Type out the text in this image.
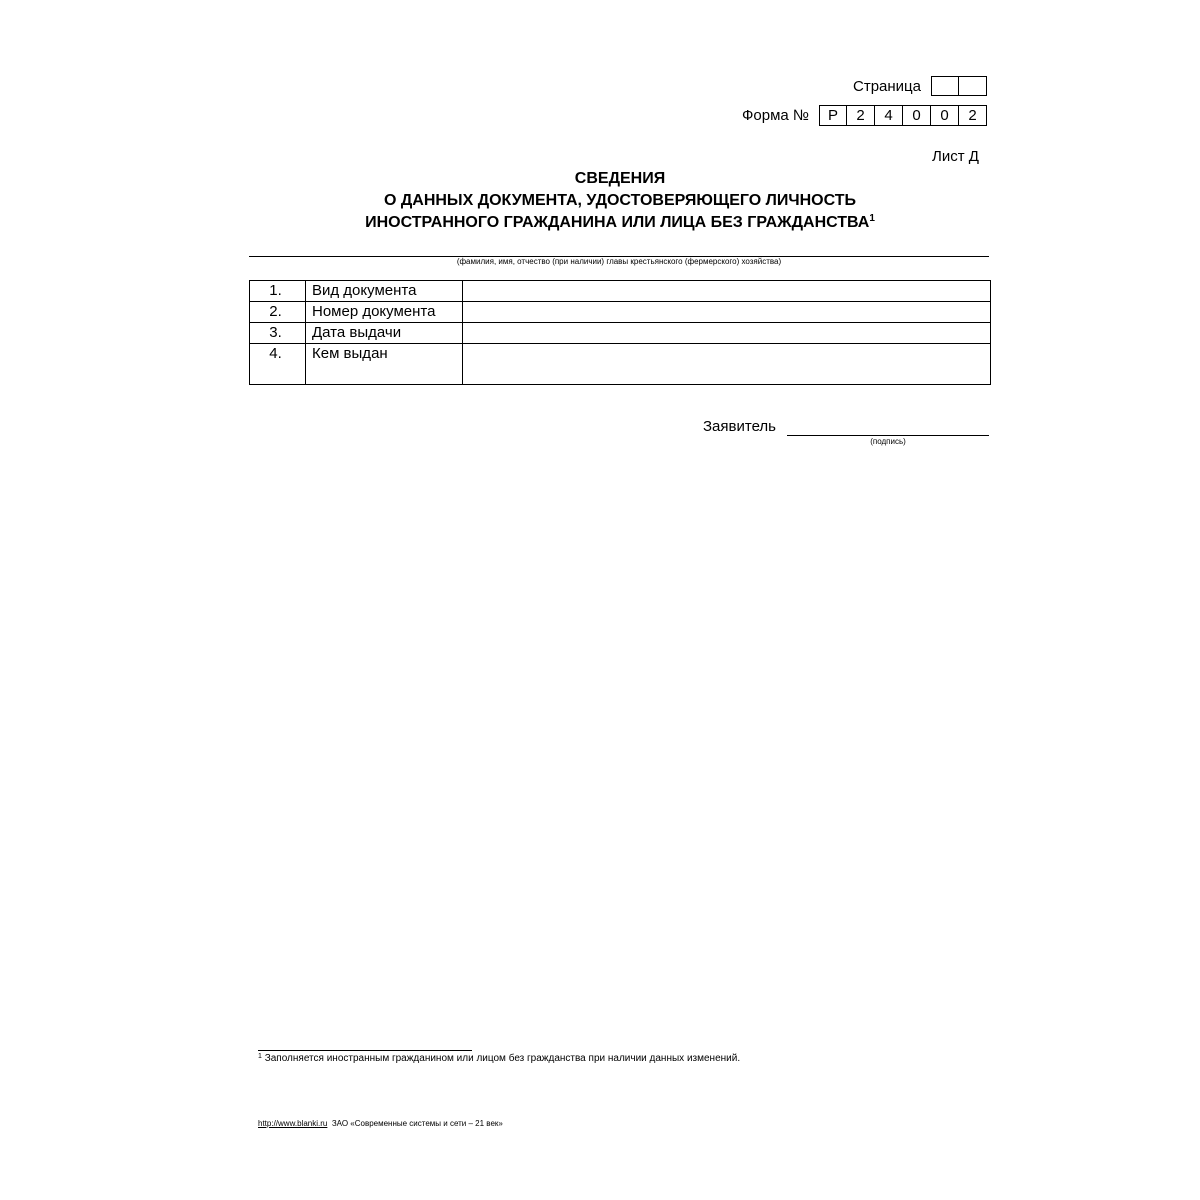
Страница
Форма №	Р	2	4	0	0	2
Лист Д
СВЕДЕНИЯ
О ДАННЫХ ДОКУМЕНТА, УДОСТОВЕРЯЮЩЕГО ЛИЧНОСТЬ
ИНОСТРАННОГО ГРАЖДАНИНА ИЛИ ЛИЦА БЕЗ ГРАЖДАНСТВА$^1$
(фамилия, имя, отчество (при наличии) главы крестьянского (фермерского) хозяйства)
1.	Вид документа	
2.	Номер документа	
3.	Дата выдачи	
4.	Кем выдан	
Заявитель
(подпись)
$^1$ Заполняется иностранным гражданином или лицом без гражданства при наличии данных изменений.
http://www.blanki.ru ЗАО «Современные системы и сети – 21 век»
